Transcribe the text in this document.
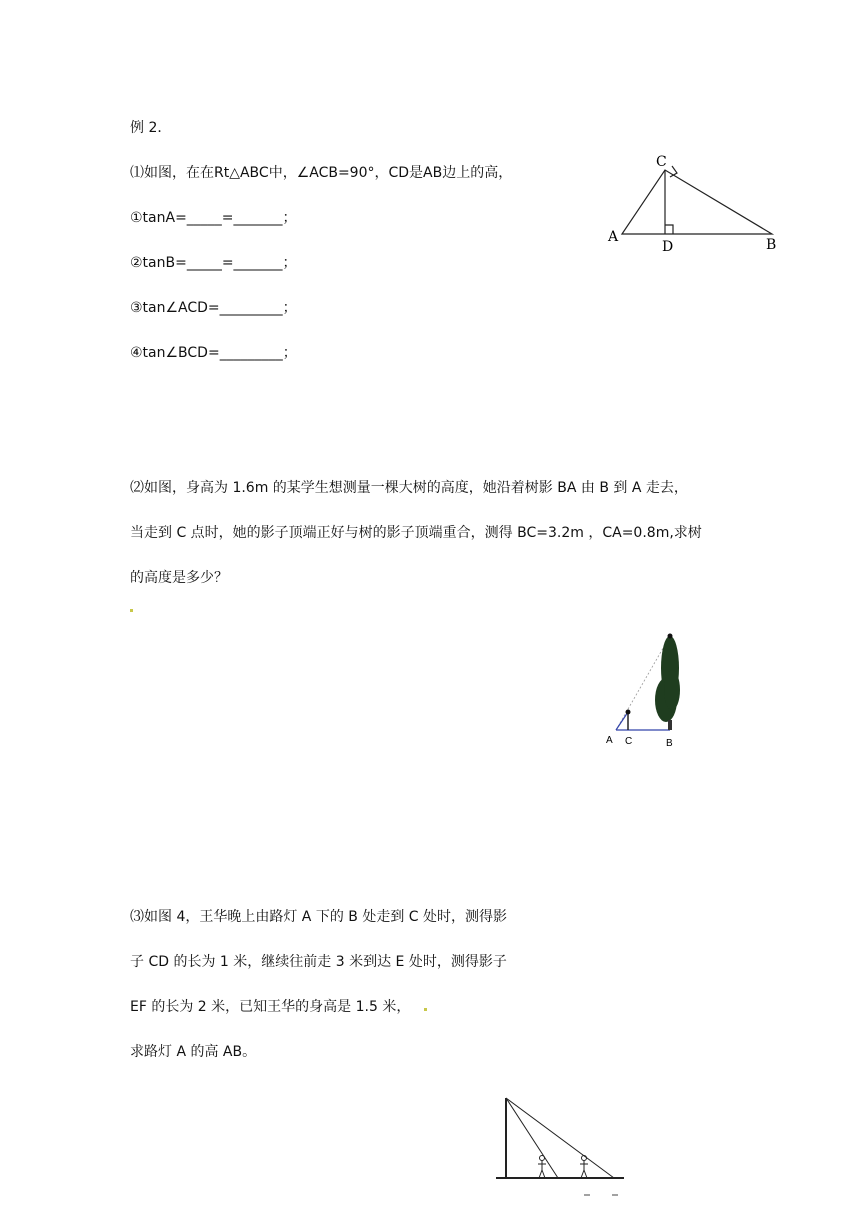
例 2．
⑴如图，在在Rt△ABC中，∠ACB=90°，CD是AB边上的高，
①tanA=_____=_______；
②tanB=_____=_______；
③tan∠ACD=_________；
④tan∠BCD=_________；
C
A
D	B
⑵如图，身高为 1.6m 的某学生想测量一棵大树的高度，她沿着树影 BA 由 B 到 A 走去，
当走到 C 点时，她的影子顶端正好与树的影子顶端重合，测得 BC=3.2m ，CA=0.8m,求树
的高度是多少？
A C	B
⑶如图 4，王华晚上由路灯 A 下的 B 处走到 C 处时，测得影
子 CD 的长为 1 米，继续往前走 3 米到达 E 处时，测得影子
EF 的长为 2 米，已知王华的身高是 1.5 米，
求路灯 A 的高 AB。
